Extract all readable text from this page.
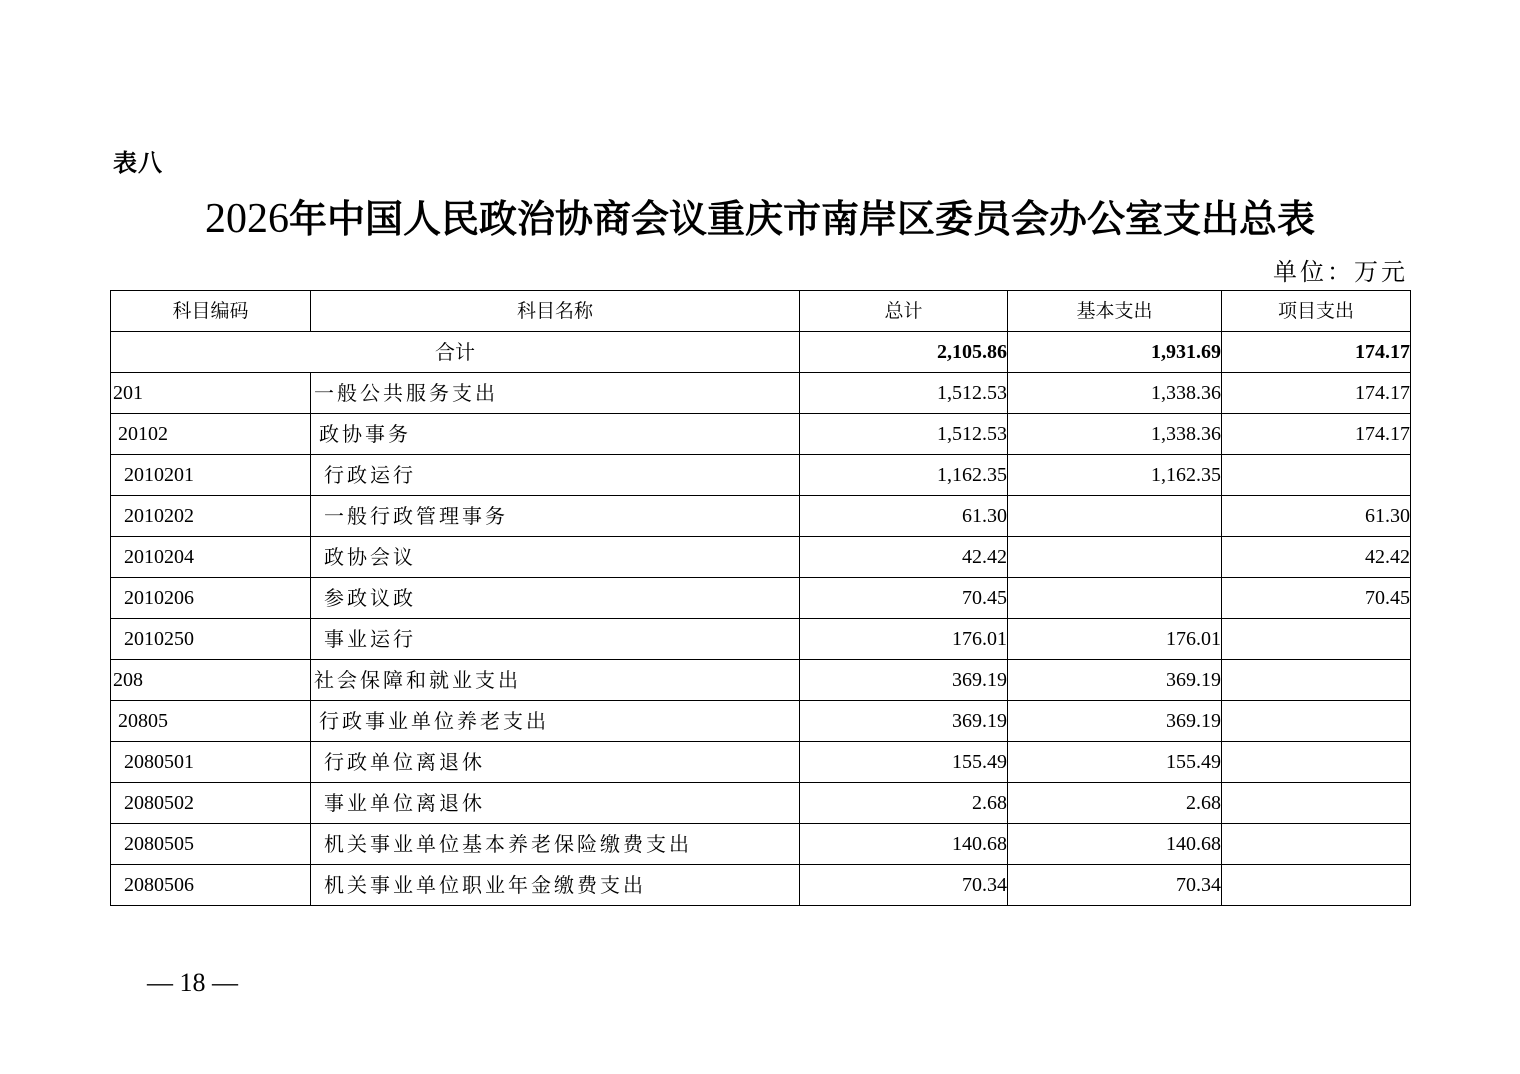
表八
2026年中国人民政治协商会议重庆市南岸区委员会办公室支出总表
单位：万元
科目编码	科目名称	总计	基本支出	项目支出
合计		2,105.86	1,931.69	174.17
201	一般公共服务支出	1,512.53	1,338.36	174.17
20102	政协事务	1,512.53	1,338.36	174.17
2010201	行政运行	1,162.35	1,162.35	
2010202	一般行政管理事务	61.30		61.30
2010204	政协会议	42.42		42.42
2010206	参政议政	70.45		70.45
2010250	事业运行	176.01	176.01	
208	社会保障和就业支出	369.19	369.19	
20805	行政事业单位养老支出	369.19	369.19	
2080501	行政单位离退休	155.49	155.49	
2080502	事业单位离退休	2.68	2.68	
2080505	机关事业单位基本养老保险缴费支出	140.68	140.68	
2080506	机关事业单位职业年金缴费支出	70.34	70.34	
— 18 —
